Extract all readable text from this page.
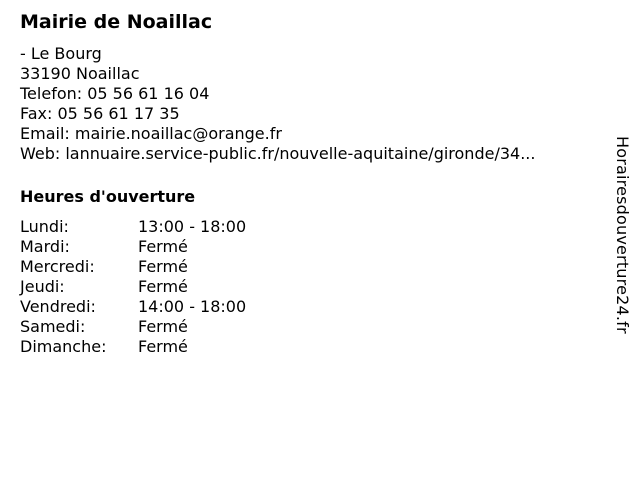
Mairie de Noaillac
- Le Bourg
33190 Noaillac
Telefon: 05 56 61 16 04
Fax: 05 56 61 17 35
Email: mairie.noaillac@orange.fr
Web: lannuaire.service-public.fr/nouvelle-aquitaine/gironde/34...
Heures d'ouverture
Lundi:	13:00 - 18:00
Mardi:	Fermé
Mercredi:	Fermé
Jeudi:	Fermé
Vendredi:	14:00 - 18:00
Samedi:	Fermé
Dimanche: Fermé
Horairesdouverture24.fr
